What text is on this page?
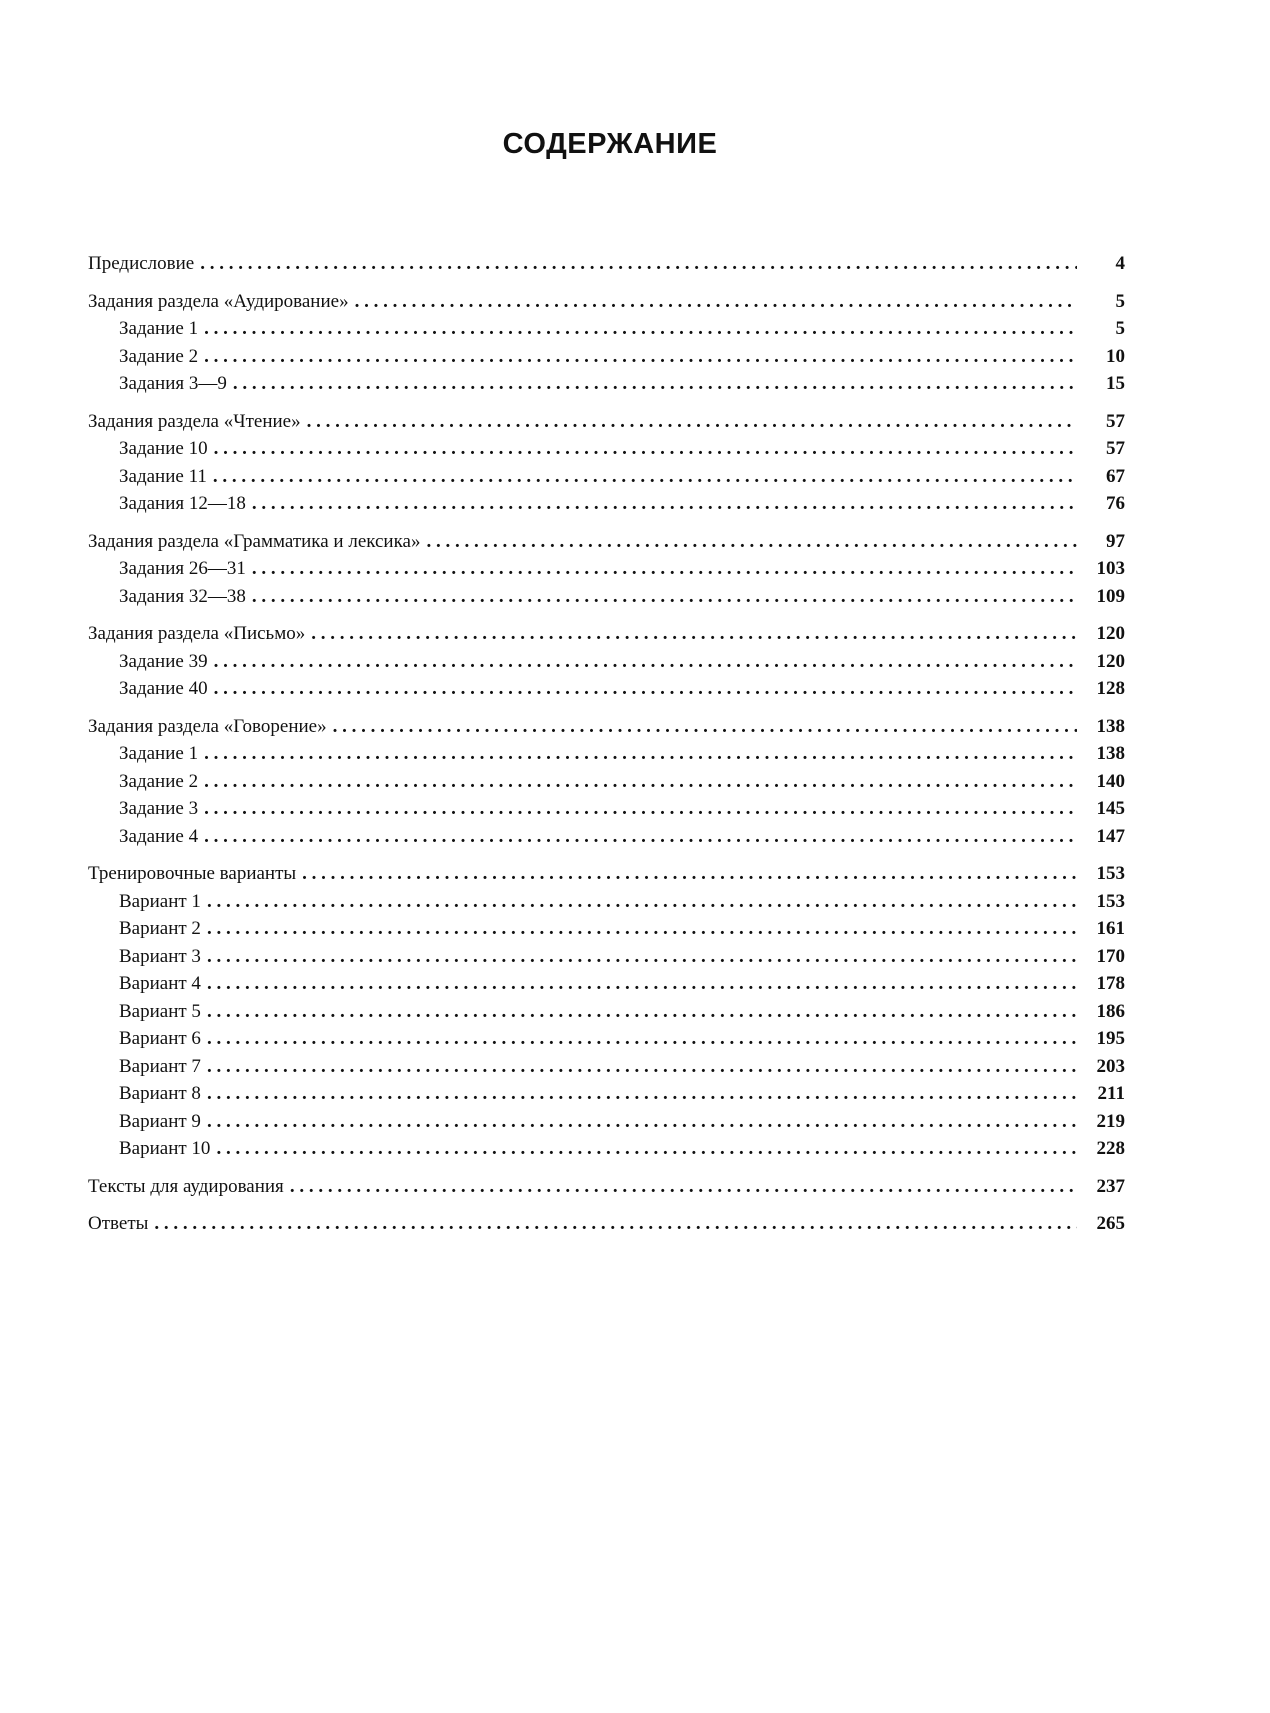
СОДЕРЖАНИЕ
Предисловие . . .	4
Задания раздела «Аудирование» . . .	5
Задание 1 . . .	5
Задание 2 . . .	10
Задания 3—9 . . .	15
Задания раздела «Чтение» . . .	57
Задание 10 . . .	57
Задание 11 . . .	67
Задания 12—18 . . .	76
Задания раздела «Грамматика и лексика» . . .	97
Задания 26—31 . . .	103
Задания 32—38 . . .	109
Задания раздела «Письмо» . . .	120
Задание 39 . . .	120
Задание 40 . . .	128
Задания раздела «Говорение» . . .	138
Задание 1 . . .	138
Задание 2 . . .	140
Задание 3 . . .	145
Задание 4 . . .	147
Тренировочные варианты . . .	153
Вариант 1 . . .	153
Вариант 2 . . .	161
Вариант 3 . . .	170
Вариант 4 . . .	178
Вариант 5 . . .	186
Вариант 6 . . .	195
Вариант 7 . . .	203
Вариант 8 . . .	211
Вариант 9 . . .	219
Вариант 10 . . .	228
Тексты для аудирования . . .	237
Ответы . . .	265
